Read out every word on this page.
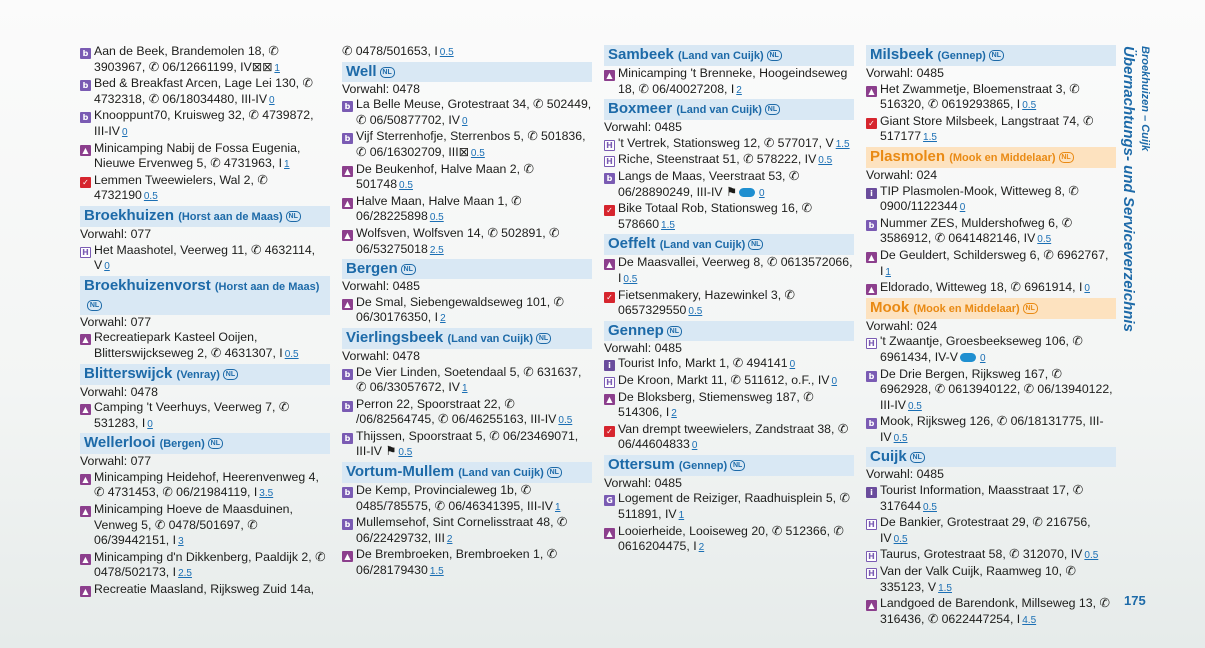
b Aan de Beek, Brandemolen 18, ✆ 3903967, ✆ 06/12661199, IV⊠⊠ 1
b Bed & Breakfast Arcen, Lage Lei 130, ✆ 4732318, ✆ 06/18034480, III-IV 0
b Knooppunt70, Kruisweg 32, ✆ 4739872, III-IV 0
▲ Minicamping Nabij de Fossa Eugenia, Nieuwe Ervenweg 5, ✆ 4731963, I 1
✓ Lemmen Tweewielers, Wal 2, ✆ 4732190 0.5
Broekhuizen (Horst aan de Maas) NL
Vorwahl: 077
H Het Maashotel, Veerweg 11, ✆ 4632114, V 0
Broekhuizenvorst (Horst aan de Maas)NL
Vorwahl: 077
▲ Recreatiepark Kasteel Ooijen, Blitterswijckseweg 2, ✆ 4631307, I 0.5
Blitterswijck (Venray) NL
Vorwahl: 0478
▲ Camping 't Veerhuys, Veerweg 7, ✆ 531283, I 0
Wellerlooi (Bergen) NL
Vorwahl: 077
▲ Minicamping Heidehof, Heerenvenweg 4, ✆ 4731453, ✆ 06/21984119, I 3.5
▲ Minicamping Hoeve de Maasduinen, Venweg 5, ✆ 0478/501697, ✆ 06/39442151, I 3
▲ Minicamping d'n Dikkenberg, Paaldijk 2, ✆ 0478/502173, I 2.5
▲ Recreatie Maasland, Rijksweg Zuid 14a,
✆ 0478/501653, I 0.5
Well NL
Vorwahl: 0478
b La Belle Meuse, Grotestraat 34, ✆ 502449, ✆ 06/50877702, IV 0
b Vijf Sterrenhofje, Sterrenbos 5, ✆ 501836, ✆ 06/16302709, III⊠ 0.5
▲ De Beukenhof, Halve Maan 2, ✆ 501748 0.5
▲ Halve Maan, Halve Maan 1, ✆ 06/28225898 0.5
▲ Wolfsven, Wolfsven 14, ✆ 502891, ✆ 06/53275018 2.5
Bergen NL
Vorwahl: 0485
▲ De Smal, Siebengewaldseweg 101, ✆ 06/30176350, I 2
Vierlingsbeek (Land van Cuijk) NL
Vorwahl: 0478
b De Vier Linden, Soetendaal 5, ✆ 631637, ✆ 06/33057672, IV 1
b Perron 22, Spoorstraat 22, ✆ /06/82564745, ✆ 06/46255163, III-IV 0.5
b Thijssen, Spoorstraat 5, ✆ 06/23469071, III-IV ⚑ 0.5
Vortum-Mullem (Land van Cuijk) NL
b De Kemp, Provincialeweg 1b, ✆ 0485/785575, ✆ 06/46341395, III-IV 1
b Mullemsehof, Sint Cornelisstraat 48, ✆ 06/22429732, III 2
▲ De Brembroeken, Brembroeken 1, ✆ 06/28179430 1.5
Sambeek (Land van Cuijk) NL
▲ Minicamping 't Brenneke, Hoogeindseweg 18, ✆ 06/40027208, I 2
Boxmeer (Land van Cuijk) NL
Vorwahl: 0485
H 't Vertrek, Stationsweg 12, ✆ 577017, V 1.5
H Riche, Steenstraat 51, ✆ 578222, IV 0.5
b Langs de Maas, Veerstraat 53, ✆ 06/28890249, III-IV ⚑ 0
✓ Bike Totaal Rob, Stationsweg 16, ✆ 578660 1.5
Oeffelt (Land van Cuijk) NL
▲ De Maasvallei, Veerweg 8, ✆ 0613572066, I 0.5
✓ Fietsenmakery, Hazewinkel 3, ✆ 0657329550 0.5
Gennep NL
Vorwahl: 0485
i Tourist Info, Markt 1, ✆ 494141 0
H De Kroon, Markt 11, ✆ 511612, o.F., IV 0
▲ De Bloksberg, Stiemensweg 187, ✆ 514306, I 2
✓ Van drempt tweewielers, Zandstraat 38, ✆ 06/44604833 0
Ottersum (Gennep) NL
Vorwahl: 0485
G Logement de Reiziger, Raadhuisplein 5, ✆ 511891, IV 1
▲ Looierheide, Looiseweg 20, ✆ 512366, ✆ 0616204475, I 2
Milsbeek (Gennep) NL
Vorwahl: 0485
▲ Het Zwammetje, Bloemenstraat 3, ✆ 516320, ✆ 0619293865, I 0.5
✓ Giant Store Milsbeek, Langstraat 74, ✆ 517177 1.5
Plasmolen (Mook en Middelaar) NL
Vorwahl: 024
i TIP Plasmolen-Mook, Witteweg 8, ✆ 0900/1122344 0
b Nummer ZES, Muldershofweg 6, ✆ 3586912, ✆ 0641482146, IV 0.5
▲ De Geuldert, Schildersweg 6, ✆ 6962767, I 1
▲ Eldorado, Witteweg 18, ✆ 6961914, I 0
Mook (Mook en Middelaar) NL
Vorwahl: 024
H 't Zwaantje, Groesbeekseweg 106, ✆ 6961434, IV-V 0
b De Drie Bergen, Rijksweg 167, ✆ 6962928, ✆ 0613940122, ✆ 06/13940122, III-IV 0.5
b Mook, Rijksweg 126, ✆ 06/18131775, III-IV 0.5
Cuijk NL
Vorwahl: 0485
i Tourist Information, Maasstraat 17, ✆ 317644 0.5
H De Bankier, Grotestraat 29, ✆ 216756, IV 0.5
H Taurus, Grotestraat 58, ✆ 312070, IV 0.5
H Van der Valk Cuijk, Raamweg 10, ✆ 335123, V 1.5
▲ Landgoed de Barendonk, Millseweg 13, ✆ 316436, ✆ 0622447254, I 4.5
Übernachtungs- und Serviceverzeichnis Broekhuizen – Cuijk
175
